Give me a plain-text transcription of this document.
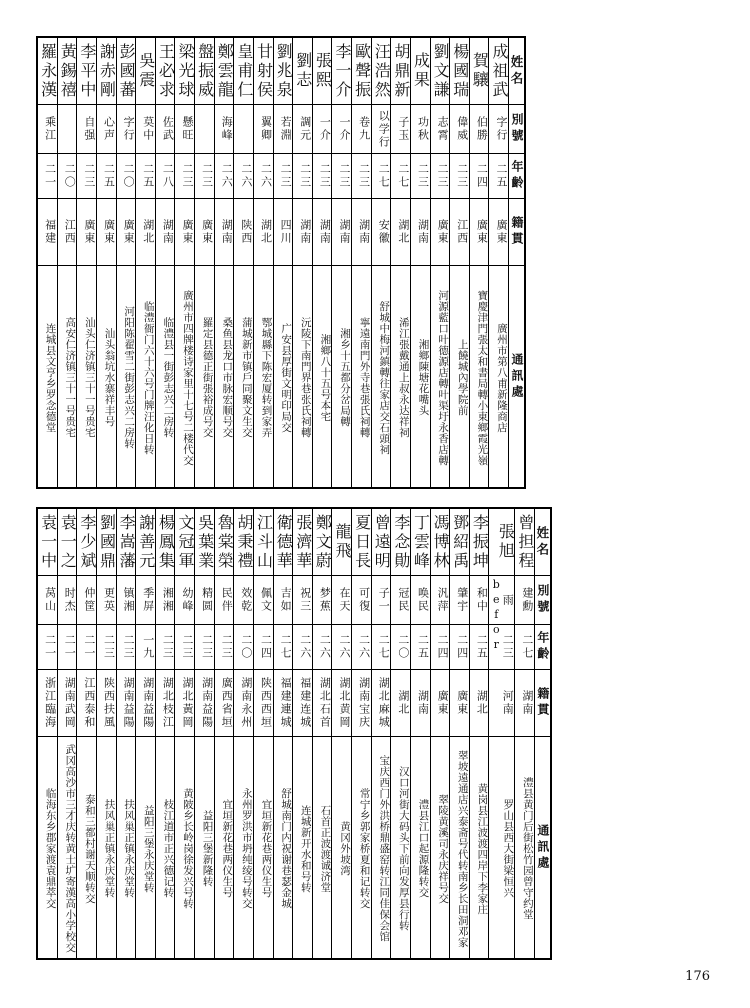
姓名	成祖武	賀驤	楊國瑞	劉文謙	成果	胡鼎新	汪浩然	歐聲振	李一介	張熙	劉志	劉兆泉	甘射侯	皇甫仁	鄭雲龍	盤振威	梁光球	王必求	吳震	彭國蕃	謝赤剛	李平中	黃錫禧	羅永漢
別號	字行	伯勝	偉威	志霄	功秋	子玉	以学行	卷九	一介	一介	調元	若淵	翼卿		海峰		懸旺	佐武	莫中	字行	心声	自强		乘江
年齡	二五	二四	二三	二三	二三	二七	二七	二三	二三	二三	二三	二三	二六	二六	二六	二三	二三	二八	二五	二〇	二五	二三	二〇	二一
籍貫	廣東	廣東	江西	廣東	湖南	湖北	安徽	湖南	湖南	湖南	湖南	四川	湖北	陕西	湖南	廣東	廣東	湖南	湖北	廣東	廣東	廣東	江西	福建
通訊處	廣州市第八甫新隆商店	寶慶津門張太和書局轉小東鄉霞光嶺	上饒城內學院前	河源藍口叶德源店轉叶渠圩永香店轉	湘鄉陳塘花嘴头	浠江張戴通上叔永达祥祠	舒城中梅河鎮轉往家店交石頭祠	寧遠南門外寺巷張氏祠轉	湘乡十五都分岔局轉	湘鄉八十五号本宅	沅陵下南門界巷张氏祠轉	广安县厚街文明印局交	鄂城縣下陈宏厦转到家弄	蒲城新市镇戶同聚文生交	桑鱼县龙口市脉宏顺号交	羅定县德正街張裕成号交	廣州市四牌楼诗家里十七号二楼代交	临澧县一街彭志兴二房转	临澧衙门六十六号门牌汪化日转	河阳陈翟雪二街彭志兴二房转	汕头翁坑水寨祥丰号	汕头仁济镇三十一号贵宅	高安仁济镇三十一号贵宅	连城县文亨乡罗念德堂
姓名	曾担程	張旭	李振坤	鄧紹禹	馮博林	丁雲峰	李念勛	曾遠明	夏日長	龍飛	鄭文蔚	張濟華	衛德華	江斗山	胡秉禮	魯棠榮	吳葉業	文冠軍	楊鳳集	謝善元	李嵩藩	劉國鼎	李少斌	袁一之	袁一中
別號	建勳	雨befor	和中	肇宇	汎萍	唤民	冠民	子一	可復	在天	梦蕉	祝三	吉如	佩文	效乾	民伴	精圆	幼峰	湘湘	季屏	镇湘	更英	仲筐	时杰	莴山
年齡	二七	二三	二五	二四	二四	二五	二〇	二七	二六	二六	二六	二六	二七	二四	二〇	二三	二三	二三	二三	一九	二三	二三	二一	二一	二一
籍貫	湖南	河南	湖北	廣東	廣東	湖南	湖北	湖北麻城	湖南宝庆	湖北黄岡	湖北石首	福建连城	福建連城	陕西西垣	湖南永州	廣西省垣	湖南益陽	湖北黃岡	湖北枝江	湖南益陽	湖南益陽	陕西扶風	江西泰和	湖南武岡	浙江臨海
通訊處	澧县黄门后街松竹园曾守约堂	罗山县西大街梁恒兴	黄岗县江波渡四岸下李家庄	翠坡遠通店兴泰斋号代转南乡长田洞邓家	翠陵黄溪司永庆祥号交	澧县江口起源隆转交	汉口河街大码头下前向发厚县行转	宝庆西门外洪桥鼎盛窑转江同佳保会馆	常宁乡郭家桥夏和记转交	黄冈外坡湾	石首正波渡诚济堂	连城新开水和号转	舒城南门内祝谢巷瑟金城	宜垣新花巷两仪生号	永州罗洪市坍纯绫号转交	宜垣新花巷两仪生号	益阳三堡新隆转	黄陂乡长岭岗徐发兴号转	枝江道市正兴德记转	益阳三堡永庆堂转	扶风巢正镇永庆堂转	扶风巢正镇永庆堂转	泰和三都村谢天顺转交	武冈高沙市三才庆转黄士圹寄漢高小学校交	临海东乡郡家渡袁鼎萃交
176
